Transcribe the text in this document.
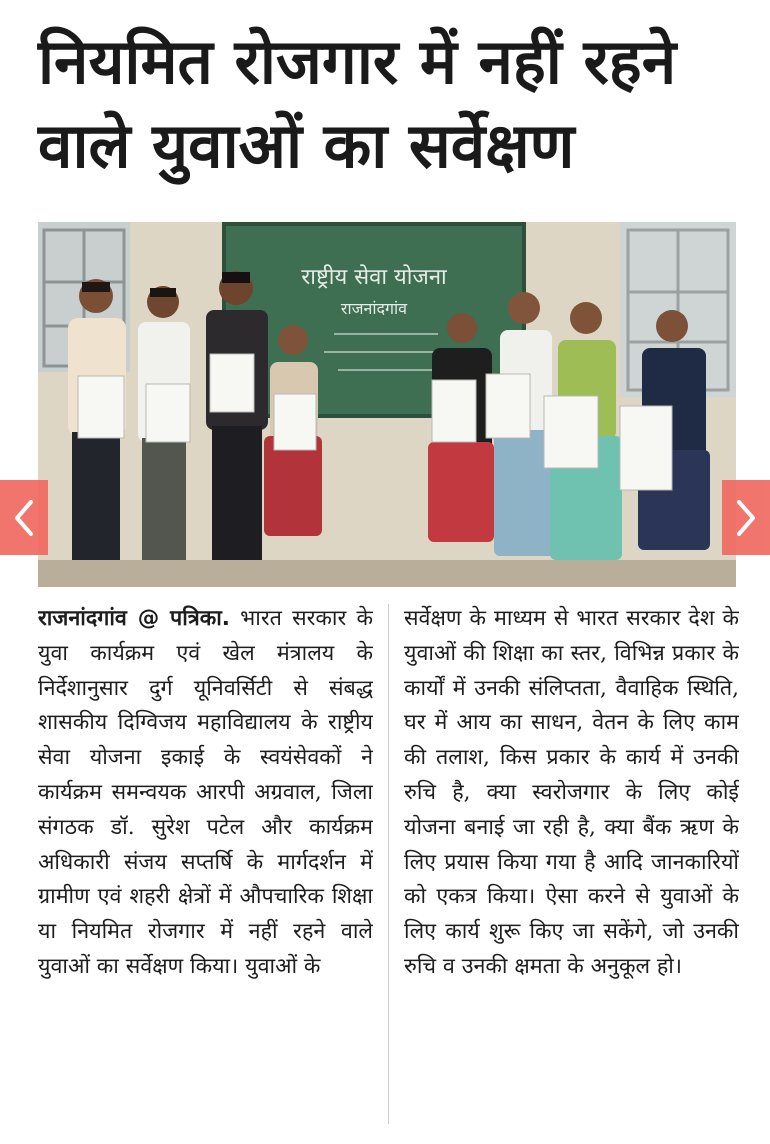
नियमित रोजगार में नहीं रहने वाले युवाओं का सर्वेक्षण
राष्ट्रीय सेवा योजना
राजनांदगांव
राजनांदगांव @ पत्रिका. भारत सरकार के युवा कार्यक्रम एवं खेल मंत्रालय के निर्देशानुसार दुर्ग यूनिवर्सिटी से संबद्ध शासकीय दिग्विजय महाविद्यालय के राष्ट्रीय सेवा योजना इकाई के स्वयंसेवकों ने कार्यक्रम समन्वयक आरपी अग्रवाल, जिला संगठक डॉ. सुरेश पटेल और कार्यक्रम अधिकारी संजय सप्तर्षि के मार्गदर्शन में ग्रामीण एवं शहरी क्षेत्रों में औपचारिक शिक्षा या नियमित रोजगार में नहीं रहने वाले युवाओं का सर्वेक्षण किया। युवाओं के
सर्वेक्षण के माध्यम से भारत सरकार देश के युवाओं की शिक्षा का स्तर, विभिन्न प्रकार के कार्यों में उनकी संलिप्तता, वैवाहिक स्थिति, घर में आय का साधन, वेतन के लिए काम की तलाश, किस प्रकार के कार्य में उनकी रुचि है, क्या स्वरोजगार के लिए कोई योजना बनाई जा रही है, क्या बैंक ऋण के लिए प्रयास किया गया है आदि जानकारियों को एकत्र किया। ऐसा करने से युवाओं के लिए कार्य शुरू किए जा सकेंगे, जो उनकी रुचि व उनकी क्षमता के अनुकूल हो।
